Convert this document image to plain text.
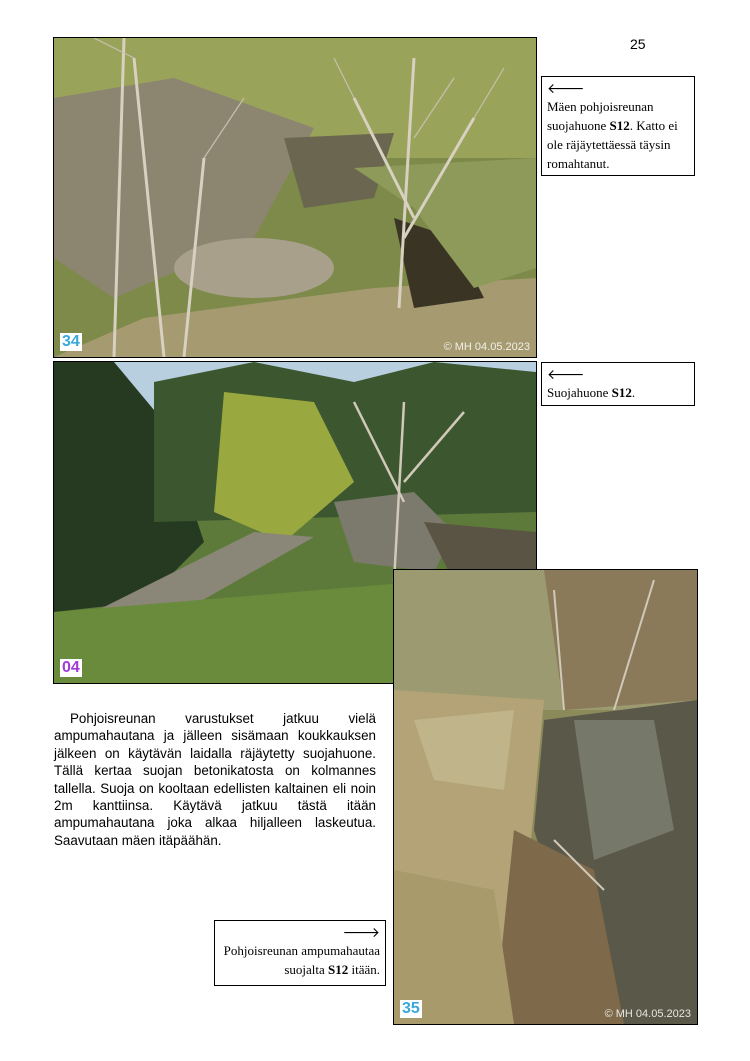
25
34	© MH 04.05.2023
🡐
Mäen pohjoisreunan suojahuone S12. Katto ei ole räjäytettäessä täysin romahtanut.
04
🡐
Suojahuone S12.
35	© MH 04.05.2023
🡒
Pohjoisreunan ampumahautaa suojalta S12 itään.

Pohjoisreunan varustukset jatkuu vielä ampumahautana ja jälleen sisämaan koukkauksen jälkeen on käytävän laidalla räjäytetty suojahuone. Tällä kertaa suojan betonikatosta on kolmannes tallella. Suoja on kooltaan edellisten kaltainen eli noin 2m kanttiinsa. Käytävä jatkuu tästä itään ampumahautana joka alkaa hiljalleen laskeutua. Saavutaan mäen itäpäähän.
